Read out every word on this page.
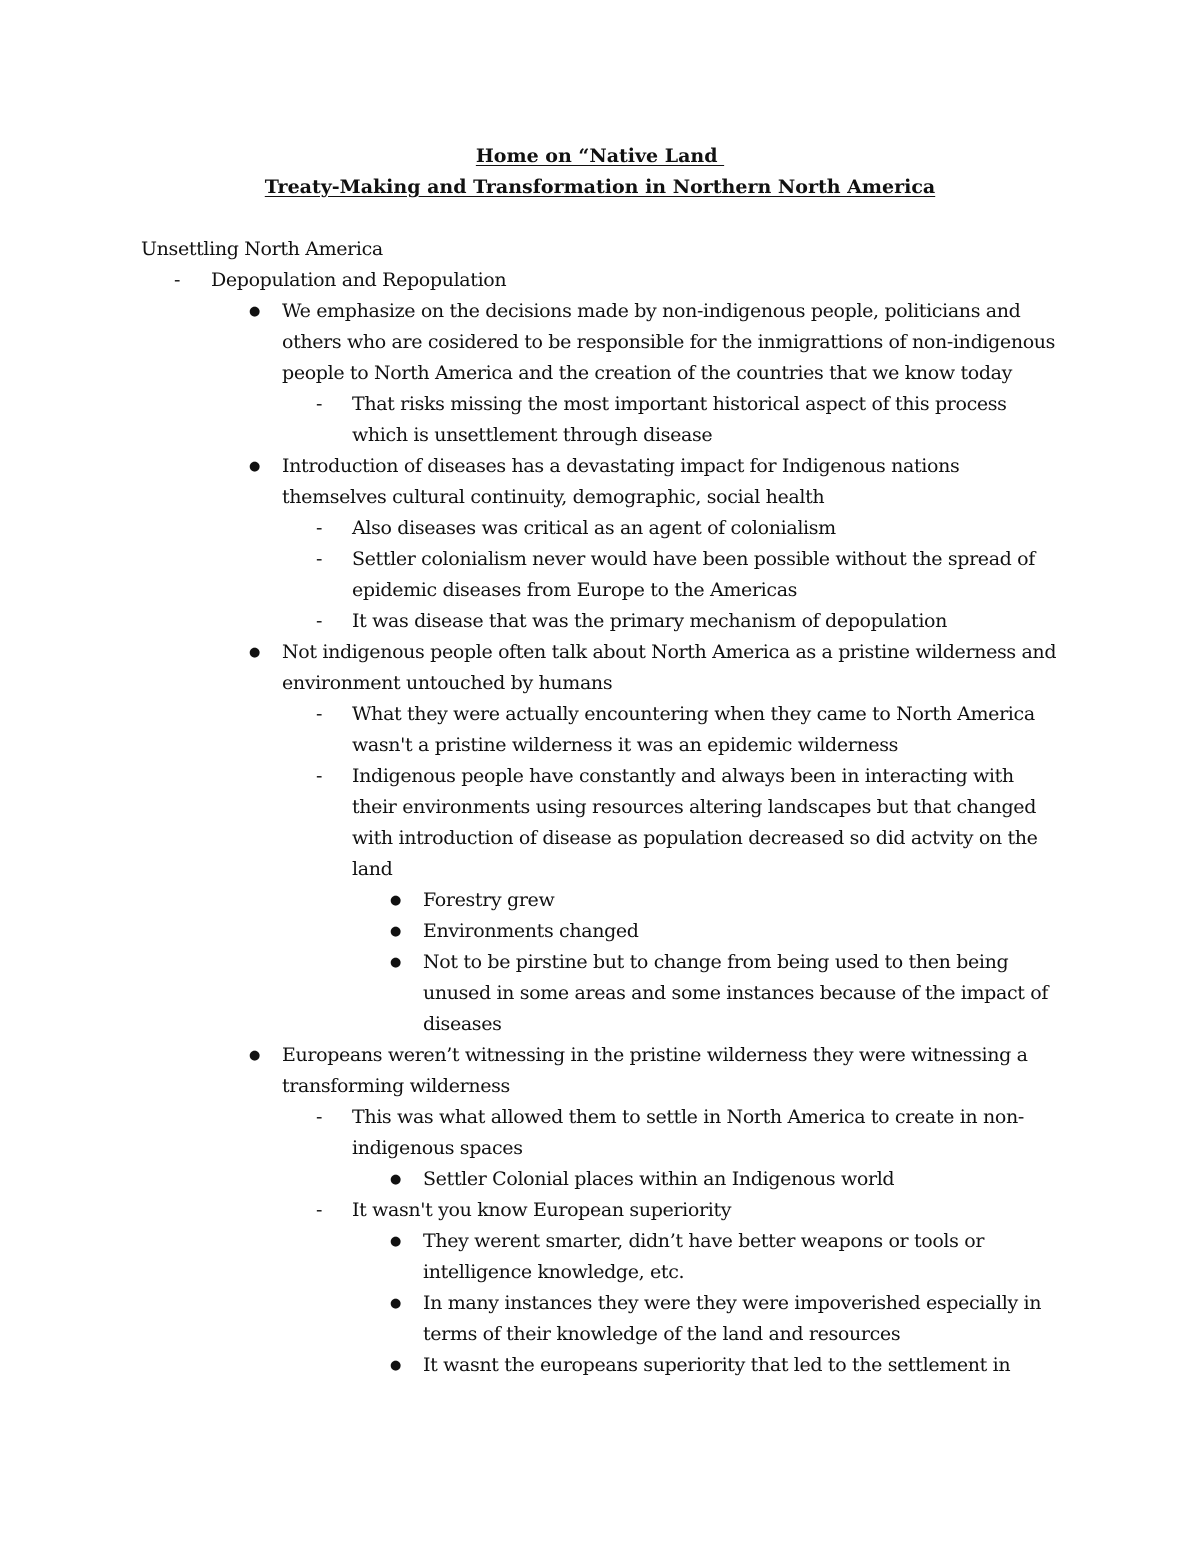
Home on “Native Land
Treaty-Making and Transformation in Northern North America
Unsettling North America
- Depopulation and Repopulation
● We emphasize on the decisions made by non-indigenous people, politicians and others who are cosidered to be responsible for the inmigrattions of non-indigenous people to North America and the creation of the countries that we know today
- That risks missing the most important historical aspect of this process which is unsettlement through disease
● Introduction of diseases has a devastating impact for Indigenous nations themselves cultural continuity, demographic, social health
- Also diseases was critical as an agent of colonialism
- Settler colonialism never would have been possible without the spread of epidemic diseases from Europe to the Americas
- It was disease that was the primary mechanism of depopulation
● Not indigenous people often talk about North America as a pristine wilderness and environment untouched by humans
- What they were actually encountering when they came to North America wasn't a pristine wilderness it was an epidemic wilderness
- Indigenous people have constantly and always been in interacting with their environments using resources altering landscapes but that changed with introduction of disease as population decreased so did actvity on the land
● Forestry grew
● Environments changed
● Not to be pirstine but to change from being used to then being unused in some areas and some instances because of the impact of diseases
● Europeans weren’t witnessing in the pristine wilderness they were witnessing a transforming wilderness
- This was what allowed them to settle in North America to create in non-indigenous spaces
● Settler Colonial places within an Indigenous world
- It wasn't you know European superiority
● They werent smarter, didn’t have better weapons or tools or intelligence knowledge, etc.
● In many instances they were they were impoverished especially in terms of their knowledge of the land and resources
● It wasnt the europeans superiority that led to the settlement in
